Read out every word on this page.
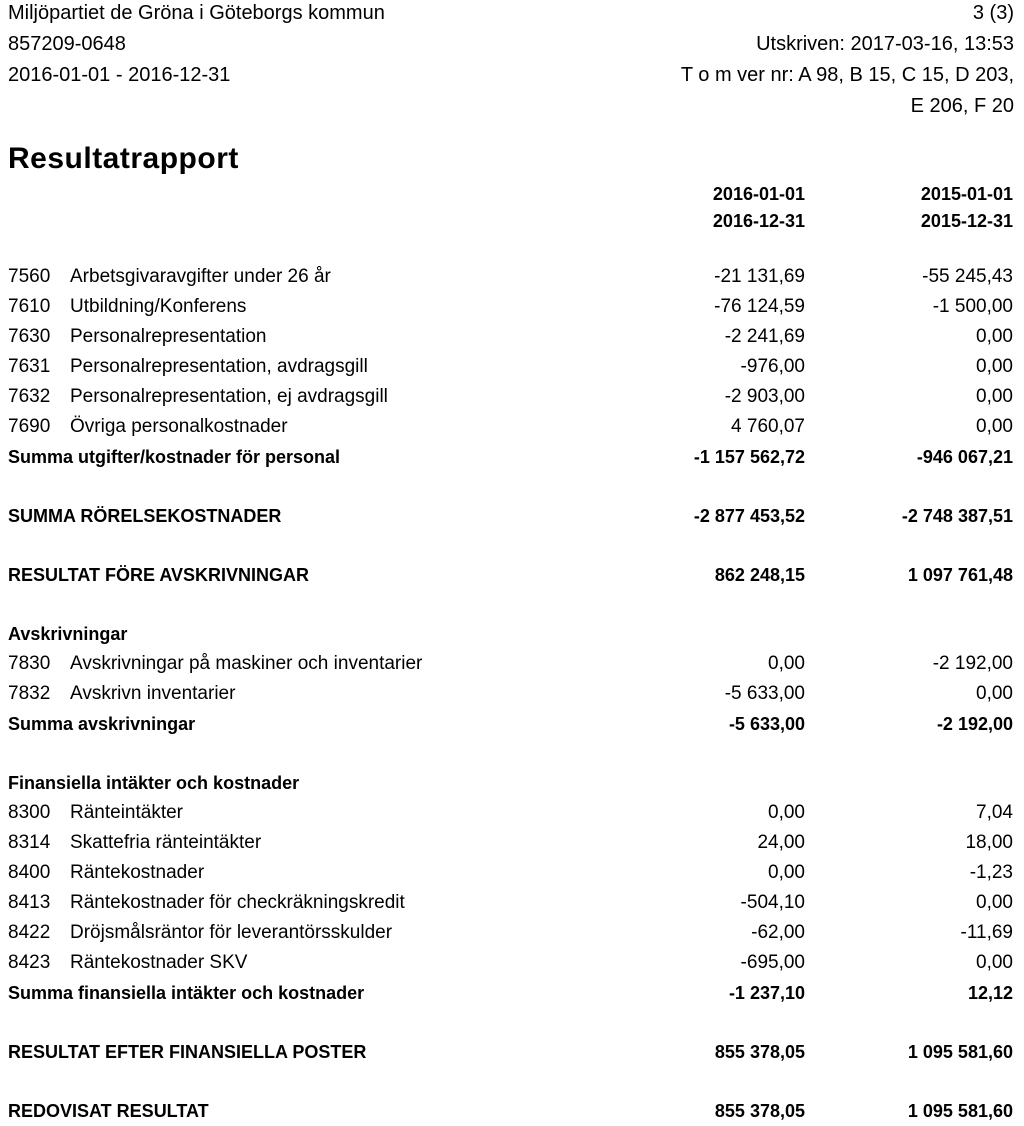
Miljöpartiet de Gröna i Göteborgs kommun
857209-0648
2016-01-01 - 2016-12-31
3 (3)
Utskriven: 2017-03-16, 13:53
T o m ver nr: A 98, B 15, C 15, D 203,
E 206, F 20
Resultatrapport
2016-01-01
2016-12-31
2015-01-01
2015-12-31
7560 Arbetsgivaravgifter under 26 år	-21 131,69	-55 245,43
7610 Utbildning/Konferens	-76 124,59	-1 500,00
7630 Personalrepresentation	-2 241,69	0,00
7631 Personalrepresentation, avdragsgill	-976,00	0,00
7632 Personalrepresentation, ej avdragsgill	-2 903,00	0,00
7690 Övriga personalkostnader	4 760,07	0,00
Summa utgifter/kostnader för personal	-1 157 562,72	-946 067,21
SUMMA RÖRELSEKOSTNADER	-2 877 453,52	-2 748 387,51
RESULTAT FÖRE AVSKRIVNINGAR	862 248,15	1 097 761,48
Avskrivningar
7830 Avskrivningar på maskiner och inventarier	0,00	-2 192,00
7832 Avskrivn inventarier	-5 633,00	0,00
Summa avskrivningar	-5 633,00	-2 192,00
Finansiella intäkter och kostnader
8300 Ränteintäkter	0,00	7,04
8314 Skattefria ränteintäkter	24,00	18,00
8400 Räntekostnader	0,00	-1,23
8413 Räntekostnader för checkräkningskredit	-504,10	0,00
8422 Dröjsmålsräntor för leverantörsskulder	-62,00	-11,69
8423 Räntekostnader SKV	-695,00	0,00
Summa finansiella intäkter och kostnader	-1 237,10	12,12
RESULTAT EFTER FINANSIELLA POSTER	855 378,05	1 095 581,60
REDOVISAT RESULTAT	855 378,05	1 095 581,60
